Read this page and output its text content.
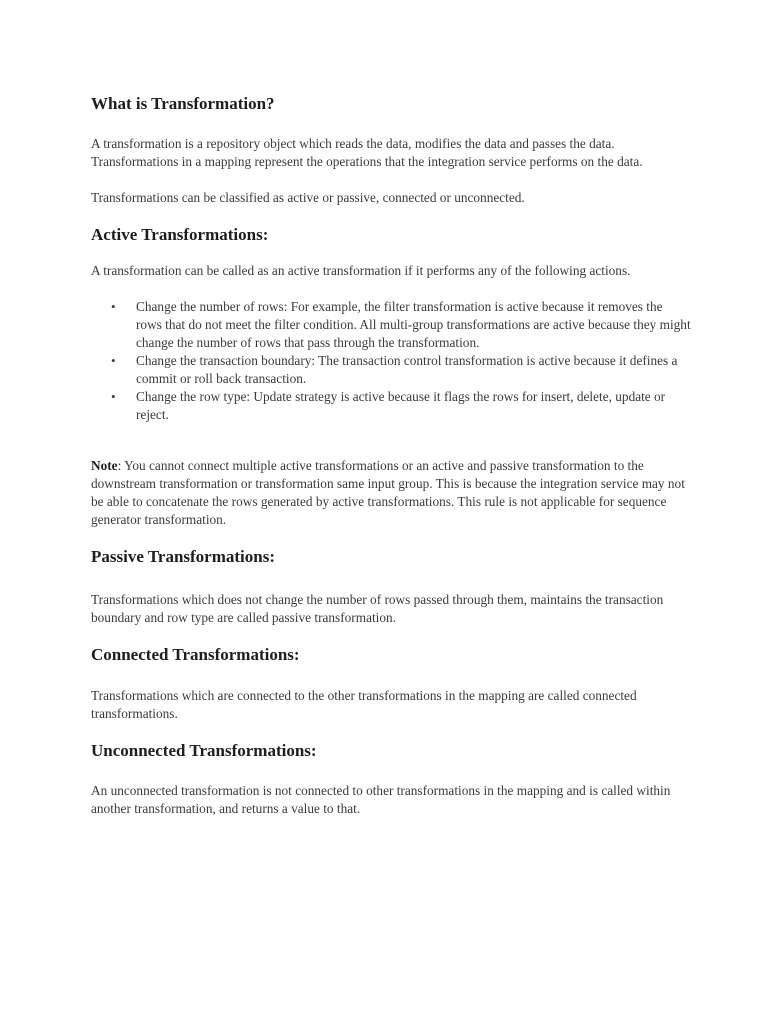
What is Transformation?

A transformation is a repository object which reads the data, modifies the data and passes the data. Transformations in a mapping represent the operations that the integration service performs on the data.

Transformations can be classified as active or passive, connected or unconnected.

Active Transformations:

A transformation can be called as an active transformation if it performs any of the following actions.

• Change the number of rows: For example, the filter transformation is active because it removes the rows that do not meet the filter condition. All multi-group transformations are active because they might change the number of rows that pass through the transformation.
• Change the transaction boundary: The transaction control transformation is active because it defines a commit or roll back transaction.
• Change the row type: Update strategy is active because it flags the rows for insert, delete, update or reject.

Note: You cannot connect multiple active transformations or an active and passive transformation to the downstream transformation or transformation same input group. This is because the integration service may not be able to concatenate the rows generated by active transformations. This rule is not applicable for sequence generator transformation.

Passive Transformations:

Transformations which does not change the number of rows passed through them, maintains the transaction boundary and row type are called passive transformation.

Connected Transformations:

Transformations which are connected to the other transformations in the mapping are called connected transformations.

Unconnected Transformations:

An unconnected transformation is not connected to other transformations in the mapping and is called within another transformation, and returns a value to that.
